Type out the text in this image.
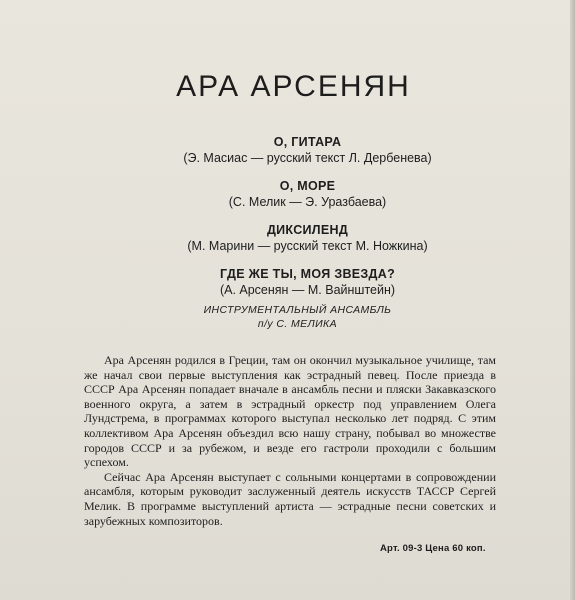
АРА АРСЕНЯН
О, ГИТАРА
(Э. Масиас — русский текст Л. Дербенева)
О, МОРЕ
(С. Мелик — Э. Уразбаева)
ДИКСИЛЕНД
(М. Марини — русский текст М. Ножкина)
ГДЕ ЖЕ ТЫ, МОЯ ЗВЕЗДА?
(А. Арсенян — М. Вайнштейн)
ИНСТРУМЕНТАЛЬНЫЙ АНСАМБЛЬ
п/у С. МЕЛИКА

Ара Арсенян родился в Греции, там он окончил музыкальное училище, там же начал свои первые выступления как эстрадный певец. После приезда в СССР Ара Арсенян попадает вначале в ансамбль песни и пляски Закавказского военного округа, а затем в эстрадный оркестр под управлением Олега Лундстрема, в программах которого выступал несколько лет подряд. С этим коллективом Ара Арсенян объездил всю нашу страну, побывал во множестве городов СССР и за рубежом, и везде его гастроли проходили с большим успехом.

Сейчас Ара Арсенян выступает с сольными концертами в сопровождении ансамбля, которым руководит заслуженный деятель искусств ТАССР Сергей Мелик. В программе выступлений артиста — эстрадные песни советских и зарубежных композиторов.

Арт. 09-3 Цена 60 коп.
